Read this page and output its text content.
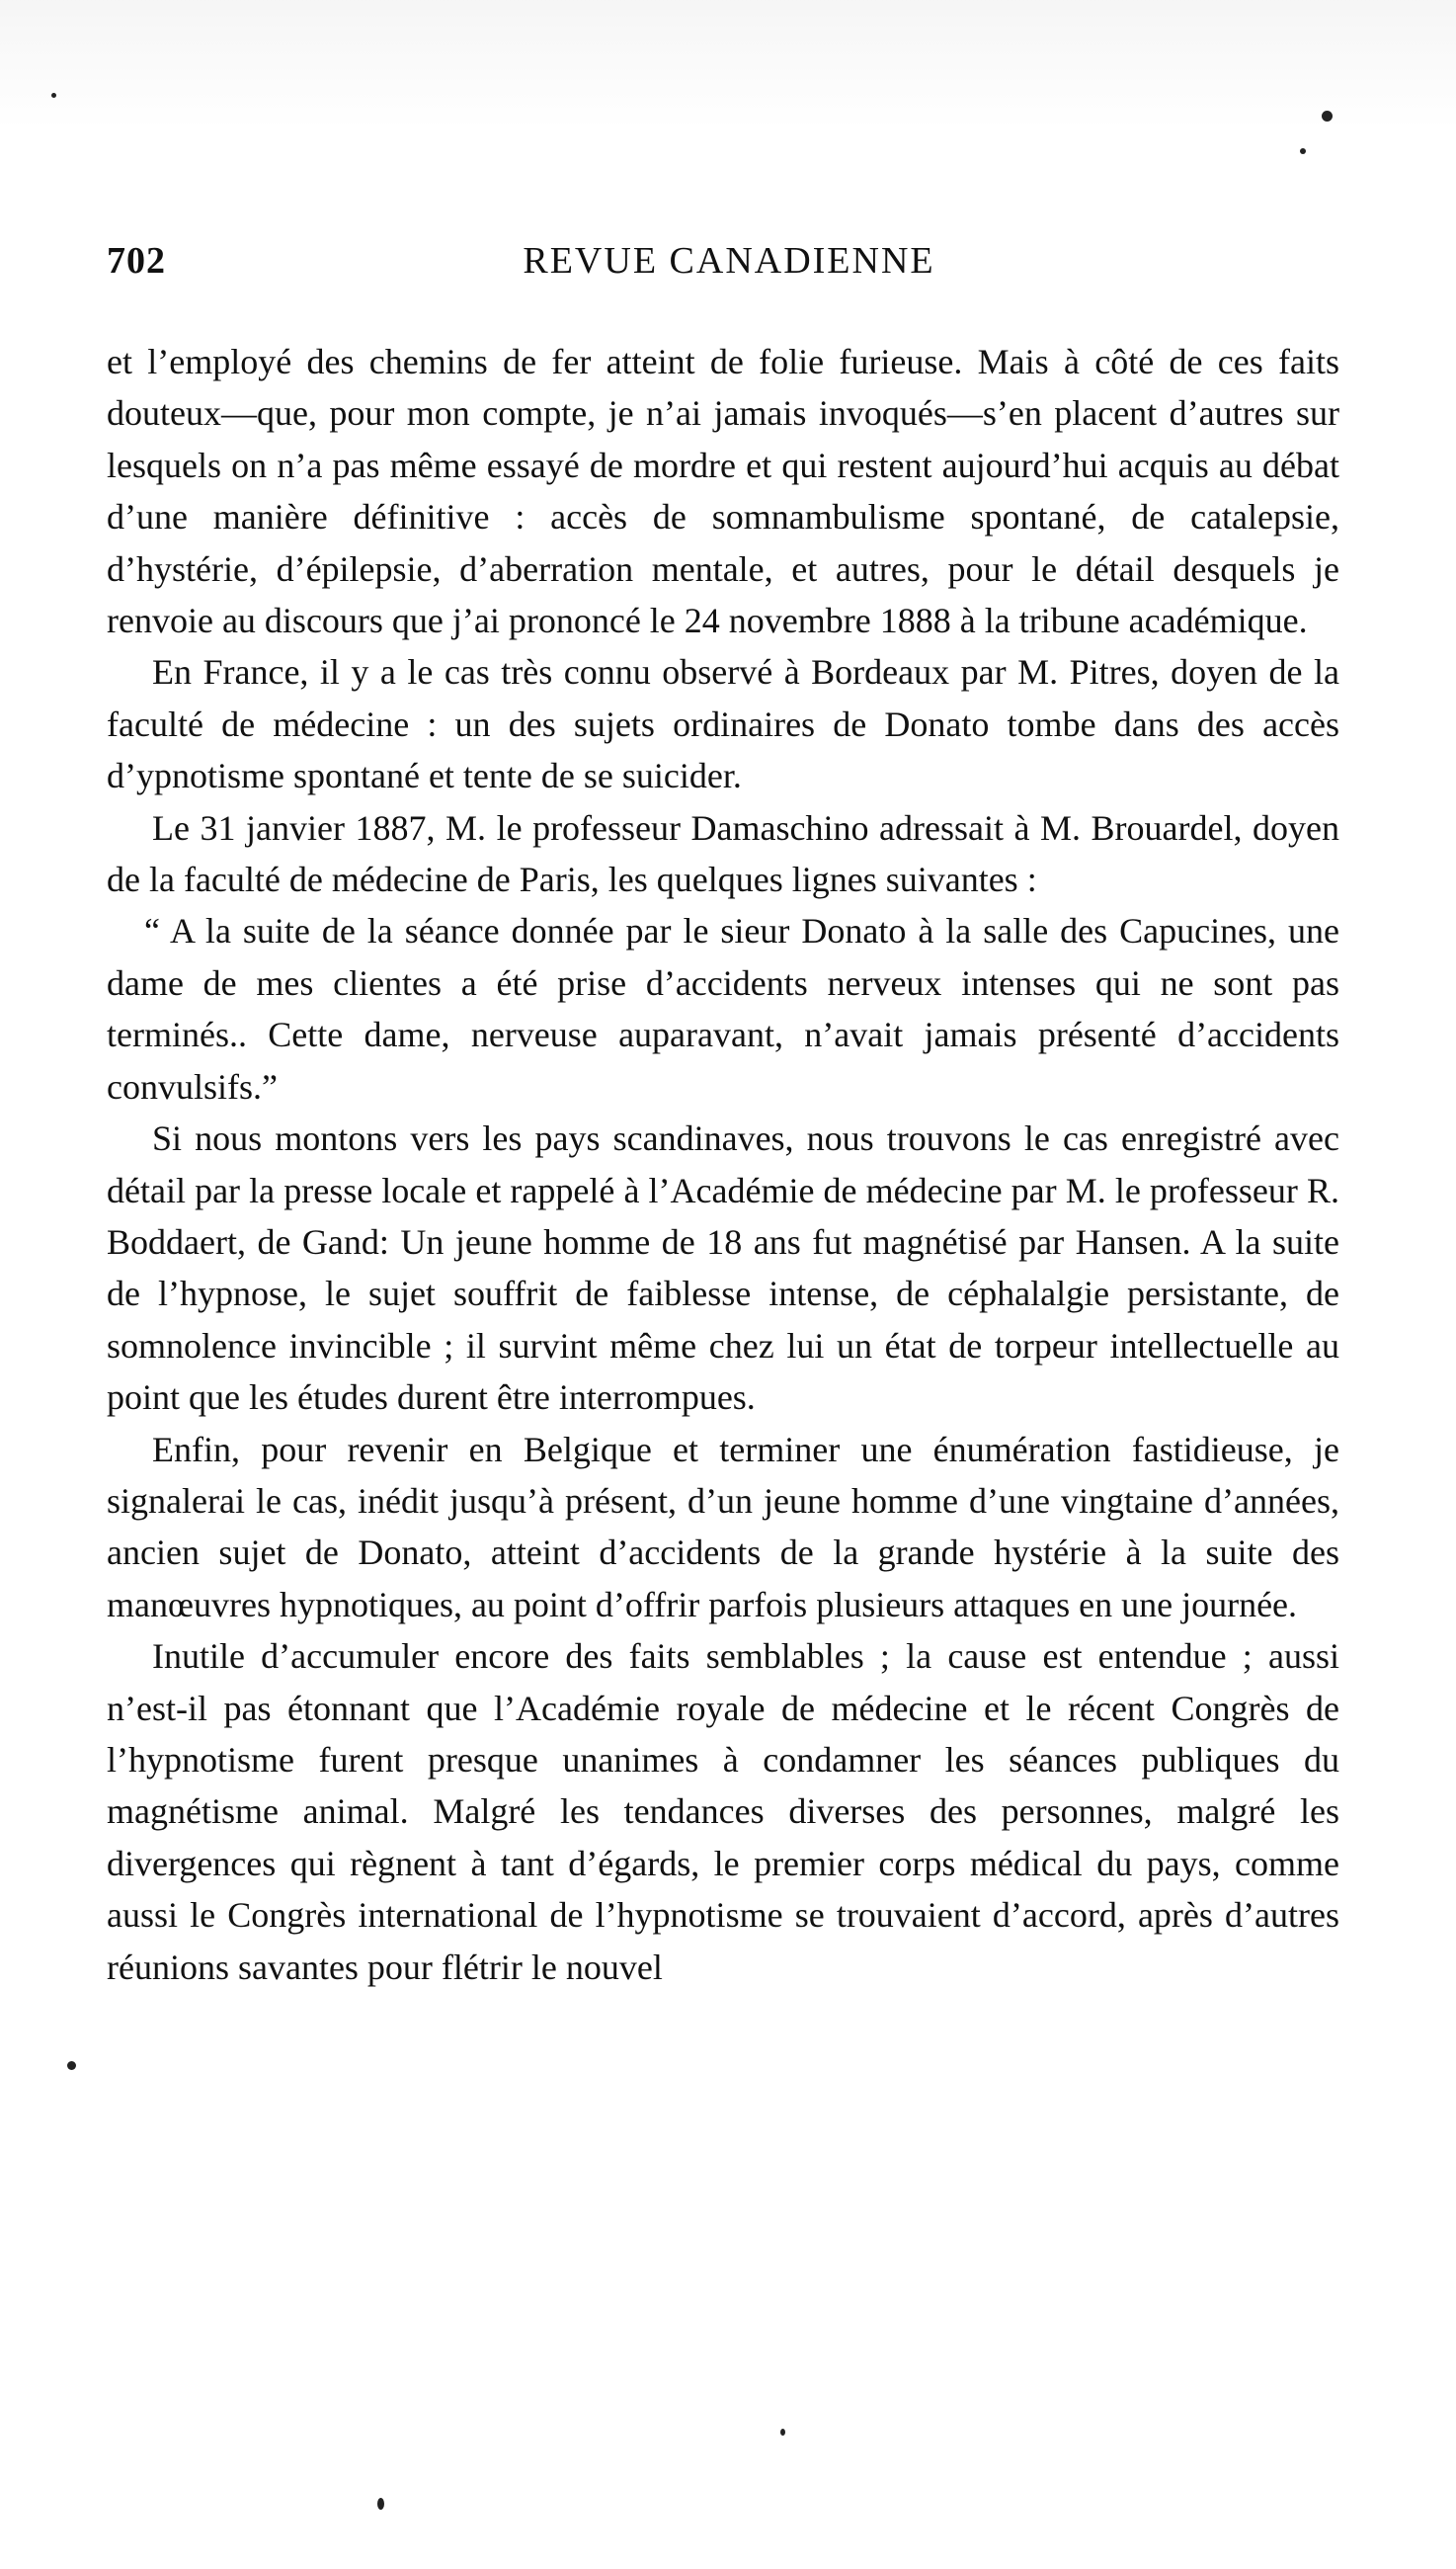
702	REVUE CANADIENNE

et l’employé des chemins de fer atteint de folie furieuse. Mais à côté de ces faits douteux—que, pour mon compte, je n’ai jamais invoqués—s’en placent d’autres sur lesquels on n’a pas même essayé de mordre et qui restent aujourd’hui acquis au débat d’une manière définitive : accès de somnambulisme spontané, de catalepsie, d’hystérie, d’épilepsie, d’aberration mentale, et autres, pour le détail desquels je renvoie au discours que j’ai prononcé le 24 novembre 1888 à la tribune académique.

En France, il y a le cas très connu observé à Bordeaux par M. Pitres, doyen de la faculté de médecine : un des sujets ordinaires de Donato tombe dans des accès d’ypnotisme spontané et tente de se suicider.

Le 31 janvier 1887, M. le professeur Damaschino adressait à M. Brouardel, doyen de la faculté de médecine de Paris, les quelques lignes suivantes :

“ A la suite de la séance donnée par le sieur Donato à la salle des Capucines, une dame de mes clientes a été prise d’accidents nerveux intenses qui ne sont pas terminés.. Cette dame, nerveuse auparavant, n’avait jamais présenté d’accidents convulsifs.”

Si nous montons vers les pays scandinaves, nous trouvons le cas enregistré avec détail par la presse locale et rappelé à l’Académie de médecine par M. le professeur R. Boddaert, de Gand: Un jeune homme de 18 ans fut magnétisé par Hansen. A la suite de l’hypnose, le sujet souffrit de faiblesse intense, de céphalalgie persistante, de somnolence invincible ; il survint même chez lui un état de torpeur intellectuelle au point que les études durent être interrompues.

Enfin, pour revenir en Belgique et terminer une énumération fastidieuse, je signalerai le cas, inédit jusqu’à présent, d’un jeune homme d’une vingtaine d’années, ancien sujet de Donato, atteint d’accidents de la grande hystérie à la suite des manœuvres hypnotiques, au point d’offrir parfois plusieurs attaques en une journée.

Inutile d’accumuler encore des faits semblables ; la cause est entendue ; aussi n’est-il pas étonnant que l’Académie royale de médecine et le récent Congrès de l’hypnotisme furent presque unanimes à condamner les séances publiques du magnétisme animal. Malgré les tendances diverses des personnes, malgré les divergences qui règnent à tant d’égards, le premier corps médical du pays, comme aussi le Congrès international de l’hypnotisme se trouvaient d’accord, après d’autres réunions savantes pour flétrir le nouvel
